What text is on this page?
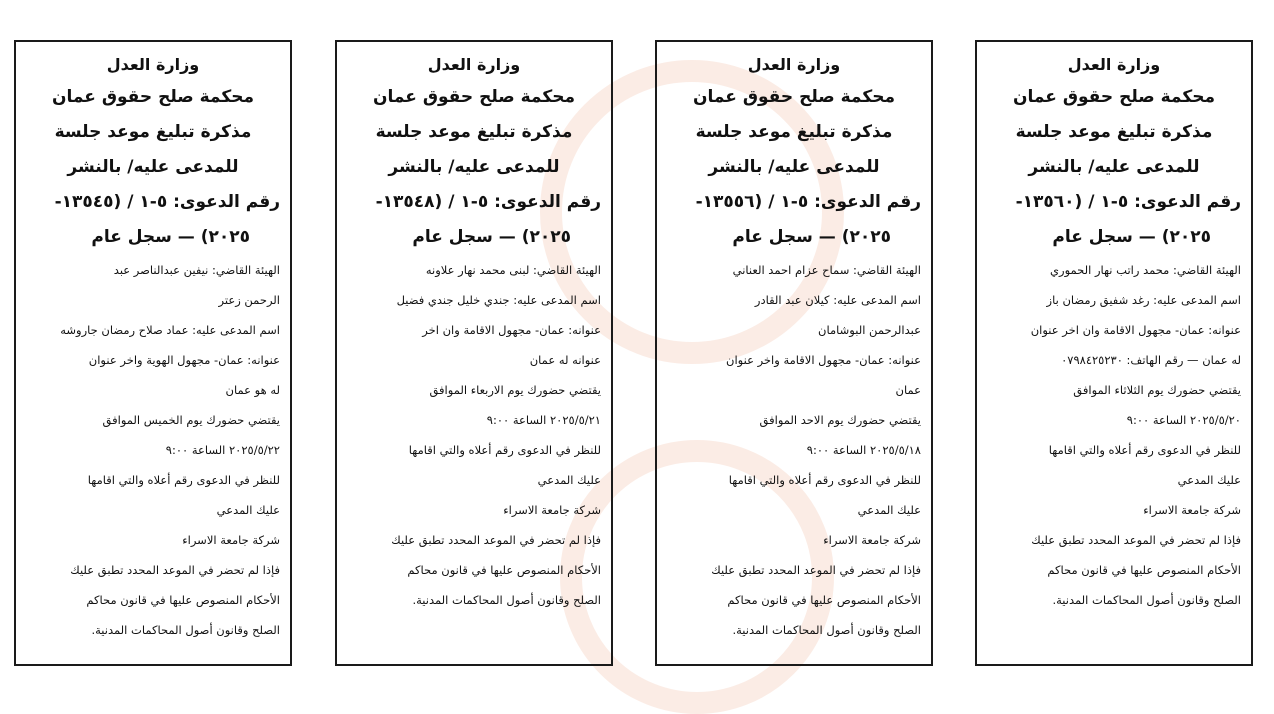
وزارة العدل

محكمة صلح حقوق عمان

مذكرة تبليغ موعد جلسة

للمدعى عليه/ بالنشر

رقم الدعوى: ٥-١ / (١٣٥٦٠-

٢٠٢٥) — سجل عام

الهيئة القاضي: محمد راتب نهار الحموري

اسم المدعى عليه: رغد شفيق رمضان باز

عنوانه: عمان- مجهول الاقامة وان اخر عنوان

له عمان — رقم الهاتف: ٠٧٩٨٤٢٥٢٣٠

يقتضي حضورك يوم الثلاثاء الموافق

٢٠٢٥/٥/٢٠ الساعة ٩:٠٠

للنظر في الدعوى رقم أعلاه والتي اقامها

عليك المدعي

شركة جامعة الاسراء

فإذا لم تحضر في الموعد المحدد تطبق عليك

الأحكام المنصوص عليها في قانون محاكم

الصلح وقانون أصول المحاكمات المدنية.

وزارة العدل

محكمة صلح حقوق عمان

مذكرة تبليغ موعد جلسة

للمدعى عليه/ بالنشر

رقم الدعوى: ٥-١ / (١٣٥٥٦-

٢٠٢٥) — سجل عام

الهيئة القاضي: سماح عزام احمد العناني

اسم المدعى عليه: كيلان عبد القادر

عبدالرحمن البوشامان

عنوانه: عمان- مجهول الاقامة واخر عنوان

عمان

يقتضي حضورك يوم الاحد الموافق

٢٠٢٥/٥/١٨ الساعة ٩:٠٠

للنظر في الدعوى رقم أعلاه والتي اقامها

عليك المدعي

شركة جامعة الاسراء

فإذا لم تحضر في الموعد المحدد تطبق عليك

الأحكام المنصوص عليها في قانون محاكم

الصلح وقانون أصول المحاكمات المدنية.

وزارة العدل

محكمة صلح حقوق عمان

مذكرة تبليغ موعد جلسة

للمدعى عليه/ بالنشر

رقم الدعوى: ٥-١ / (١٣٥٤٨-

٢٠٢٥) — سجل عام

الهيئة القاضي: لبنى محمد نهار علاونه

اسم المدعى عليه: جندي خليل جندي فضيل

عنوانه: عمان- مجهول الاقامة وان اخر

عنوانه له عمان

يقتضي حضورك يوم الاربعاء الموافق

٢٠٢٥/٥/٢١ الساعة ٩:٠٠

للنظر في الدعوى رقم أعلاه والتي اقامها

عليك المدعي

شركة جامعة الاسراء

فإذا لم تحضر في الموعد المحدد تطبق عليك

الأحكام المنصوص عليها في قانون محاكم

الصلح وقانون أصول المحاكمات المدنية.

وزارة العدل

محكمة صلح حقوق عمان

مذكرة تبليغ موعد جلسة

للمدعى عليه/ بالنشر

رقم الدعوى: ٥-١ / (١٣٥٤٥-

٢٠٢٥) — سجل عام

الهيئة القاضي: نيفين عبدالناصر عبد

الرحمن زعتر

اسم المدعى عليه: عماد صلاح رمضان جاروشه

عنوانه: عمان- مجهول الهوية واخر عنوان

له هو عمان

يقتضي حضورك يوم الخميس الموافق

٢٠٢٥/٥/٢٢ الساعة ٩:٠٠

للنظر في الدعوى رقم أعلاه والتي اقامها

عليك المدعي

شركة جامعة الاسراء

فإذا لم تحضر في الموعد المحدد تطبق عليك

الأحكام المنصوص عليها في قانون محاكم

الصلح وقانون أصول المحاكمات المدنية.
